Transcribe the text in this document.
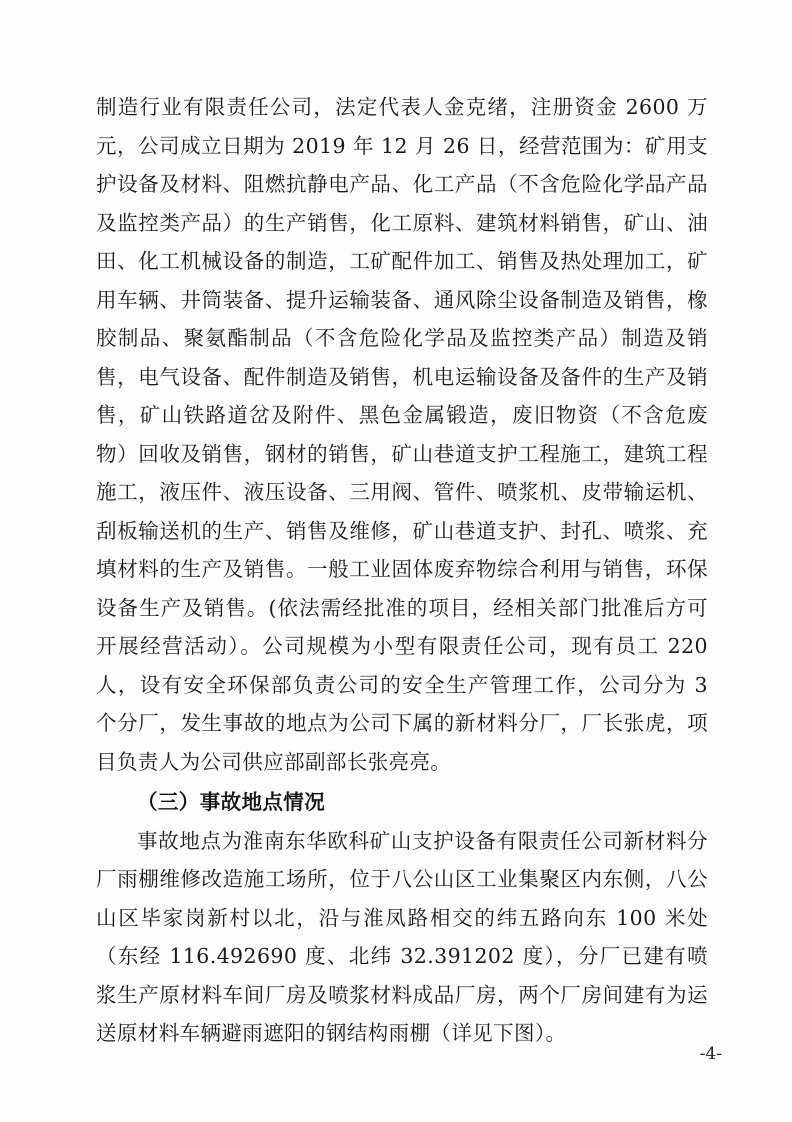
制造行业有限责任公司，法定代表人金克绪，注册资金 2600 万元，公司成立日期为 2019 年 12 月 26 日，经营范围为：矿用支护设备及材料、阻燃抗静电产品、化工产品（不含危险化学品产品及监控类产品）的生产销售，化工原料、建筑材料销售，矿山、油田、化工机械设备的制造，工矿配件加工、销售及热处理加工，矿用车辆、井筒装备、提升运输装备、通风除尘设备制造及销售，橡胶制品、聚氨酯制品（不含危险化学品及监控类产品）制造及销售，电气设备、配件制造及销售，机电运输设备及备件的生产及销售，矿山铁路道岔及附件、黑色金属锻造，废旧物资（不含危废物）回收及销售，钢材的销售，矿山巷道支护工程施工，建筑工程施工，液压件、液压设备、三用阀、管件、喷浆机、皮带输运机、刮板输送机的生产、销售及维修，矿山巷道支护、封孔、喷浆、充填材料的生产及销售。一般工业固体废弃物综合利用与销售，环保设备生产及销售。(依法需经批准的项目，经相关部门批准后方可开展经营活动）。公司规模为小型有限责任公司，现有员工 220 人，设有安全环保部负责公司的安全生产管理工作，公司分为 3 个分厂，发生事故的地点为公司下属的新材料分厂，厂长张虎，项目负责人为公司供应部副部长张亮亮。

（三）事故地点情况

事故地点为淮南东华欧科矿山支护设备有限责任公司新材料分厂雨棚维修改造施工场所，位于八公山区工业集聚区内东侧，八公山区毕家岗新村以北，沿与淮凤路相交的纬五路向东 100 米处（东经 116.492690 度、北纬 32.391202 度），分厂已建有喷浆生产原材料车间厂房及喷浆材料成品厂房，两个厂房间建有为运送原材料车辆避雨遮阳的钢结构雨棚（详见下图）。

-4-
